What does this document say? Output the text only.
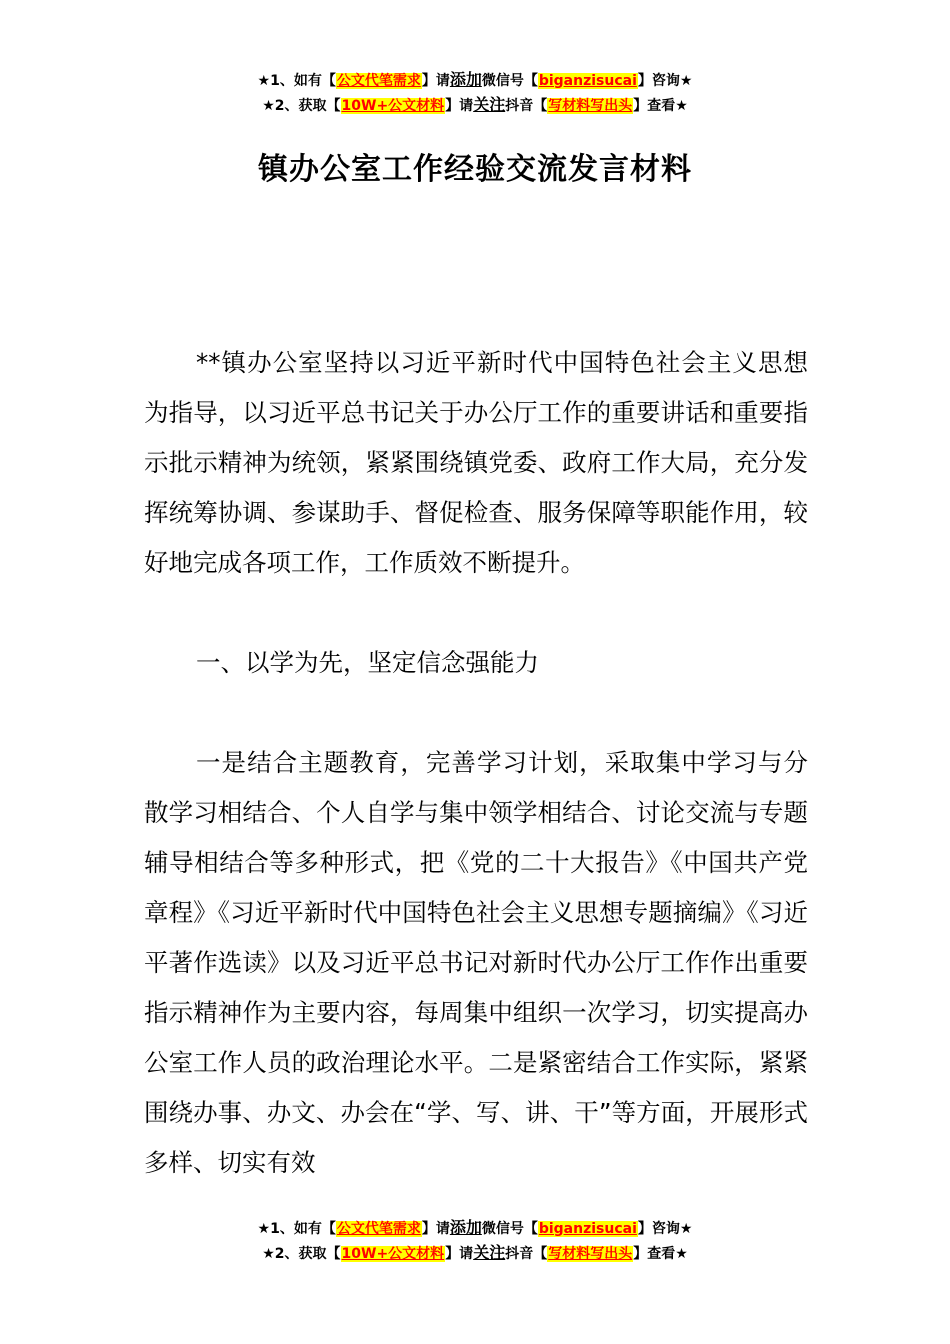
★1、如有【公文代笔需求】请添加微信号【biganzisucai】咨询★
★2、获取【10W+公文材料】请关注抖音【写材料写出头】查看★
镇办公室工作经验交流发言材料

**镇办公室坚持以习近平新时代中国特色社会主义思想为指导，以习近平总书记关于办公厅工作的重要讲话和重要指示批示精神为统领，紧紧围绕镇党委、政府工作大局，充分发挥统筹协调、参谋助手、督促检查、服务保障等职能作用，较好地完成各项工作，工作质效不断提升。

一、以学为先，坚定信念强能力

一是结合主题教育，完善学习计划，采取集中学习与分散学习相结合、个人自学与集中领学相结合、讨论交流与专题辅导相结合等多种形式，把《党的二十大报告》《中国共产党章程》《习近平新时代中国特色社会主义思想专题摘编》《习近平著作选读》以及习近平总书记对新时代办公厅工作作出重要指示精神作为主要内容，每周集中组织一次学习，切实提高办公室工作人员的政治理论水平。二是紧密结合工作实际，紧紧围绕办事、办文、办会在“学、写、讲、干”等方面，开展形式多样、切实有效

★1、如有【公文代笔需求】请添加微信号【biganzisucai】咨询★
★2、获取【10W+公文材料】请关注抖音【写材料写出头】查看★
